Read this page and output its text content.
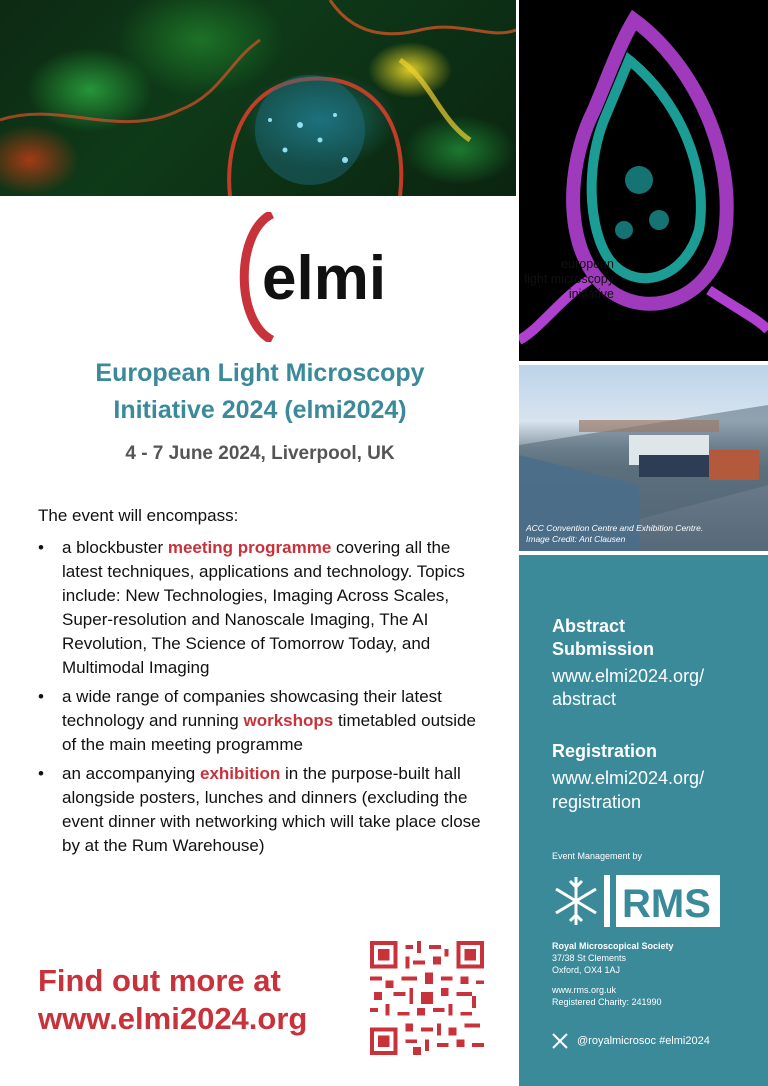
ACC Convention Centre and Exhibition Centre.
Image Credit: Ant Clausen
elmi	european
light microscopy
initiative
European Light Microscopy
Initiative 2024 (elmi2024)
4 - 7 June 2024, Liverpool, UK
The event will encompass:
• a blockbuster meeting programme covering all the latest techniques, applications and technology. Topics include: New Technologies, Imaging Across Scales, Super-resolution and Nanoscale Imaging, The AI Revolution, The Science of Tomorrow Today, and Multimodal Imaging
• a wide range of companies showcasing their latest technology and running workshops timetabled outside of the main meeting programme
• an accompanying exhibition in the purpose-built hall alongside posters, lunches and dinners (excluding the event dinner with networking which will take place close by at the Rum Warehouse)
Find out more at
www.elmi2024.org
Abstract
Submission
www.elmi2024.org/
abstract
Registration
www.elmi2024.org/
registration
Event Management by
RMS
Royal Microscopical Society
37/38 St Clements
Oxford, OX4 1AJ
www.rms.org.uk
Registered Charity: 241990
@royalmicrosoc #elmi2024
